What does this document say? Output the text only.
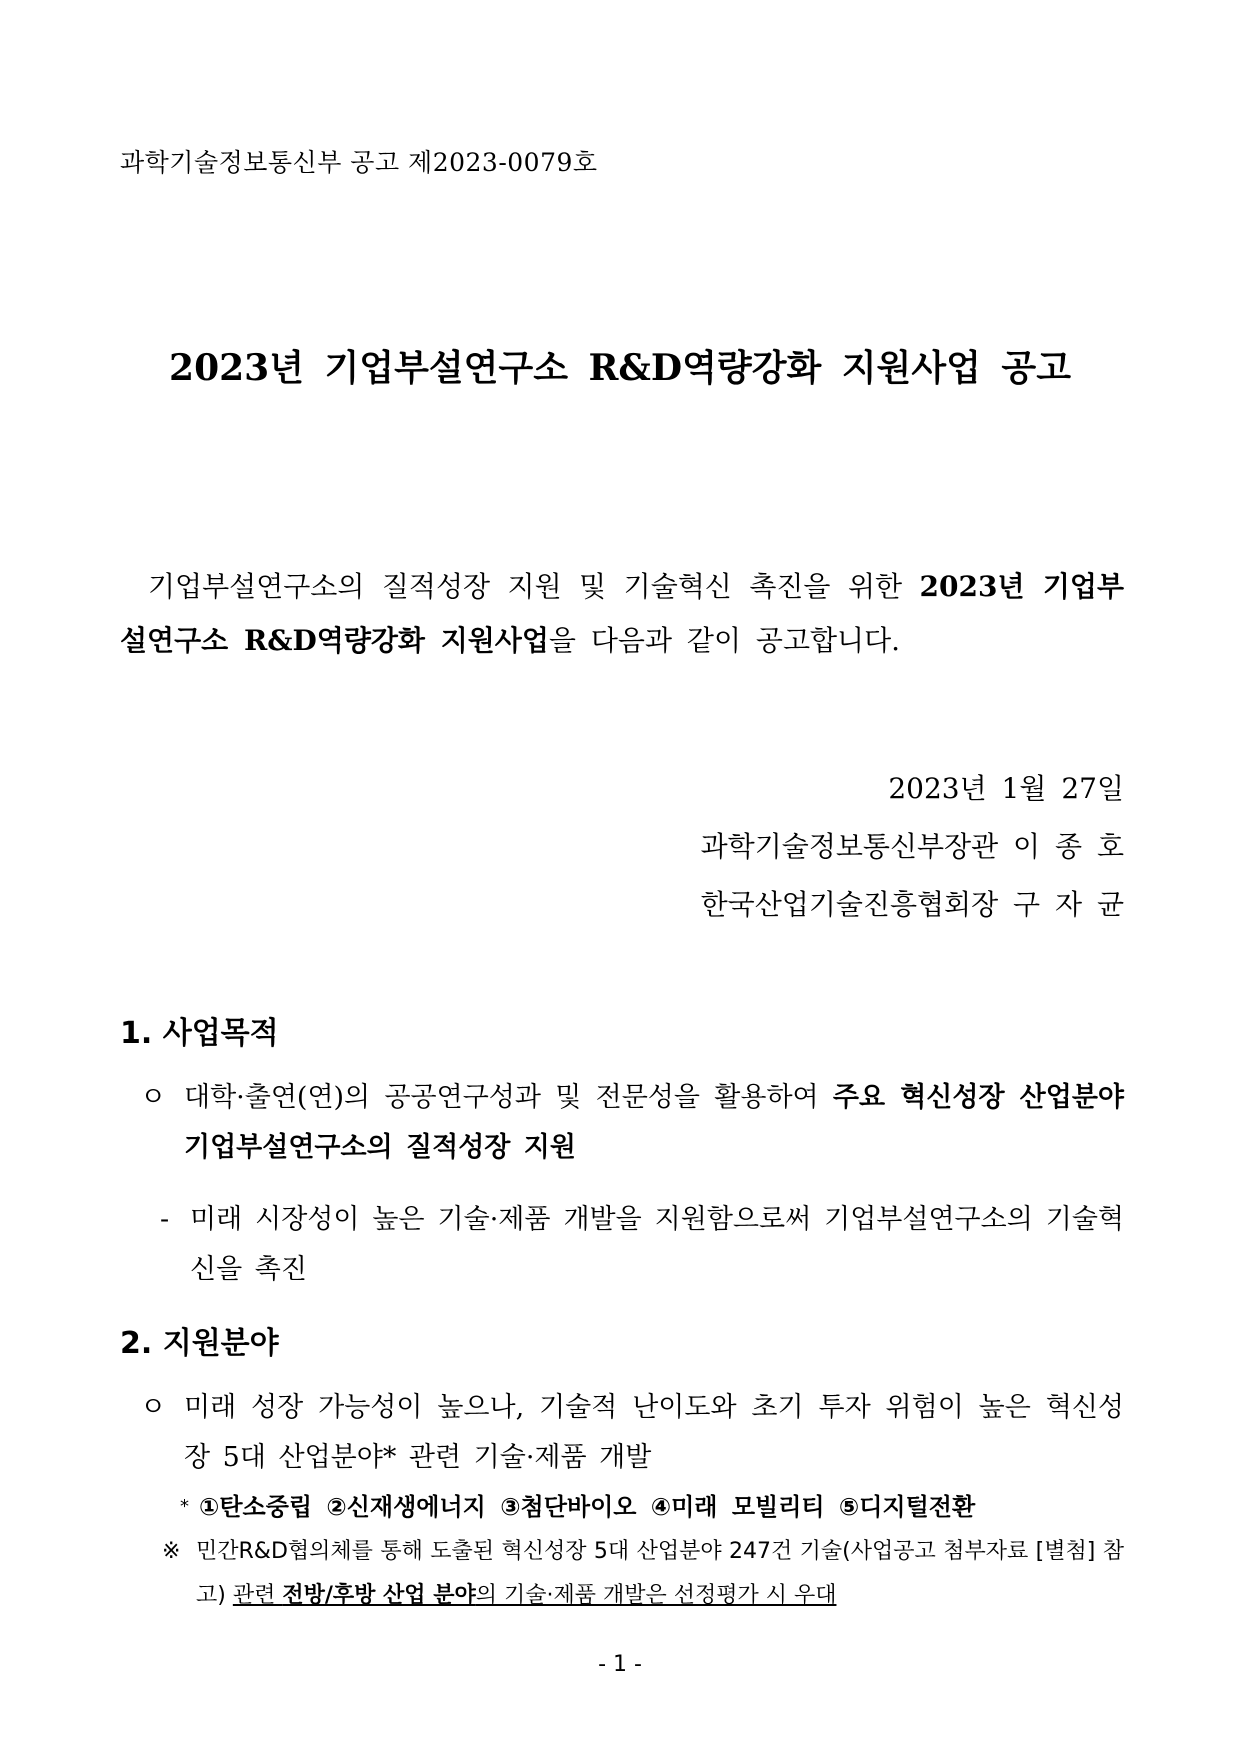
과학기술정보통신부 공고 제2023-0079호
2023년 기업부설연구소 R&D역량강화 지원사업 공고
기업부설연구소의 질적성장 지원 및 기술혁신 촉진을 위한 2023년 기업부설연구소 R&D역량강화 지원사업을 다음과 같이 공고합니다.
2023년 1월 27일
과학기술정보통신부장관 이 종 호
한국산업기술진흥협회장 구 자 균
1. 사업목적
ㅇ 대학·출연(연)의 공공연구성과 및 전문성을 활용하여 주요 혁신성장 산업분야 기업부설연구소의 질적성장 지원
- 미래 시장성이 높은 기술·제품 개발을 지원함으로써 기업부설연구소의 기술혁신을 촉진
2. 지원분야
ㅇ 미래 성장 가능성이 높으나, 기술적 난이도와 초기 투자 위험이 높은 혁신성장 5대 산업분야* 관련 기술·제품 개발
* ①탄소중립 ②신재생에너지 ③첨단바이오 ④미래 모빌리티 ⑤디지털전환
※ 민간R&D협의체를 통해 도출된 혁신성장 5대 산업분야 247건 기술(사업공고 첨부자료 [별첨] 참고) 관련 전방/후방 산업 분야의 기술·제품 개발은 선정평가 시 우대
- 1 -
